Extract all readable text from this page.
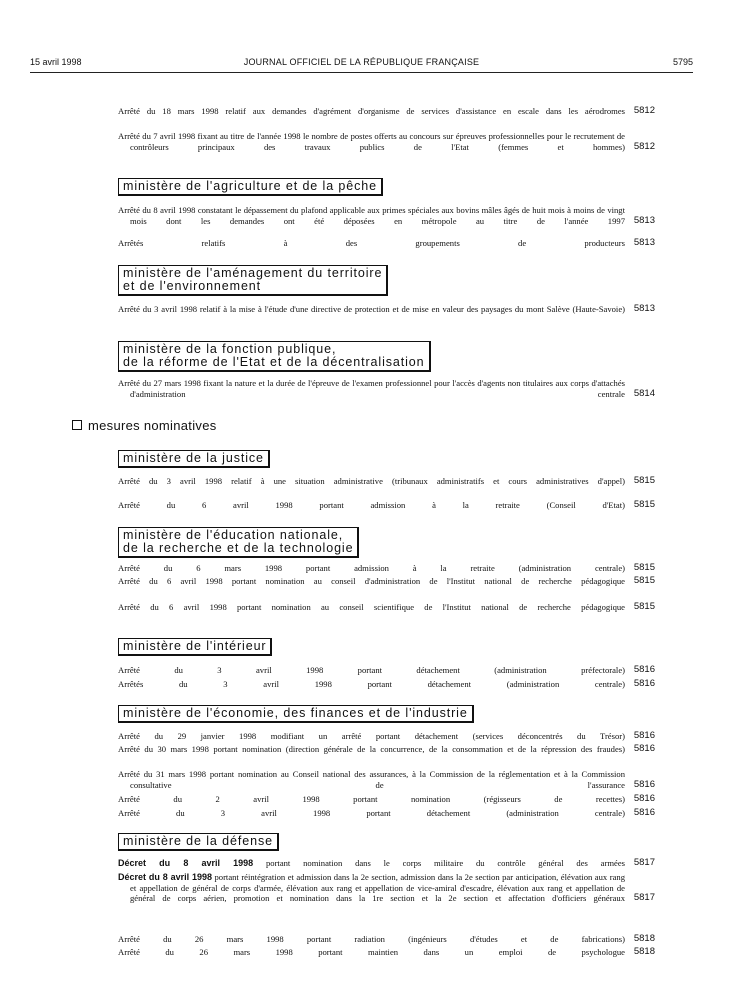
15 avril 1998	JOURNAL OFFICIEL DE LA RÉPUBLIQUE FRANÇAISE	5795
mesures nominatives
Arrêté du 18 mars 1998 relatif aux demandes d'agrément d'organisme de services d'assistance en escale dans les aérodromes 5812
Arrêté du 7 avril 1998 fixant au titre de l'année 1998 le nombre de postes offerts au concours sur épreuves professionnelles pour le recrutement de contrôleurs principaux des travaux publics de l'Etat (femmes et hommes) 5812
ministère de l'agriculture et de la pêche
Arrêté du 8 avril 1998 constatant le dépassement du plafond applicable aux primes spéciales aux bovins mâles âgés de huit mois à moins de vingt mois dont les demandes ont été déposées en métropole au titre de l'année 1997 5813
Arrêtés relatifs à des groupements de producteurs 5813
ministère de l'aménagement du territoire
et de l'environnement
Arrêté du 3 avril 1998 relatif à la mise à l'étude d'une directive de protection et de mise en valeur des paysages du mont Salève (Haute-Savoie) 5813
ministère de la fonction publique,
de la réforme de l'Etat et de la décentralisation
Arrêté du 27 mars 1998 fixant la nature et la durée de l'épreuve de l'examen professionnel pour l'accès d'agents non titulaires aux corps d'attachés d'administration centrale 5814
ministère de la justice
Arrêté du 3 avril 1998 relatif à une situation administrative (tribunaux administratifs et cours administratives d'appel) 5815
Arrêté du 6 avril 1998 portant admission à la retraite (Conseil d'Etat) 5815
ministère de l'éducation nationale,
de la recherche et de la technologie
Arrêté du 6 mars 1998 portant admission à la retraite (administration centrale) 5815
Arrêté du 6 avril 1998 portant nomination au conseil d'administration de l'Institut national de recherche pédagogique 5815
Arrêté du 6 avril 1998 portant nomination au conseil scientifique de l'Institut national de recherche pédagogique 5815
ministère de l'intérieur
Arrêté du 3 avril 1998 portant détachement (administration préfectorale) 5816
Arrêtés du 3 avril 1998 portant détachement (administration centrale) 5816
ministère de l'économie, des finances et de l'industrie
Arrêté du 29 janvier 1998 modifiant un arrêté portant détachement (services déconcentrés du Trésor) 5816
Arrêté du 30 mars 1998 portant nomination (direction générale de la concurrence, de la consommation et de la répression des fraudes) 5816
Arrêté du 31 mars 1998 portant nomination au Conseil national des assurances, à la Commission de la réglementation et à la Commission consultative de l'assurance 5816
Arrêté du 2 avril 1998 portant nomination (régisseurs de recettes) 5816
Arrêté du 3 avril 1998 portant détachement (administration centrale) 5816
ministère de la défense
Décret du 8 avril 1998 portant nomination dans le corps militaire du contrôle général des armées 5817
Décret du 8 avril 1998 portant réintégration et admission dans la 2e section, admission dans la 2e section par anticipation, élévation aux rang et appellation de général de corps d'armée, élévation aux rang et appellation de vice-amiral d'escadre, élévation aux rang et appellation de général de corps aérien, promotion et nomination dans la 1re section et la 2e section et affectation d'officiers généraux 5817
Arrêté du 26 mars 1998 portant radiation (ingénieurs d'études et de fabrications) 5818
Arrêté du 26 mars 1998 portant maintien dans un emploi de psychologue 5818
